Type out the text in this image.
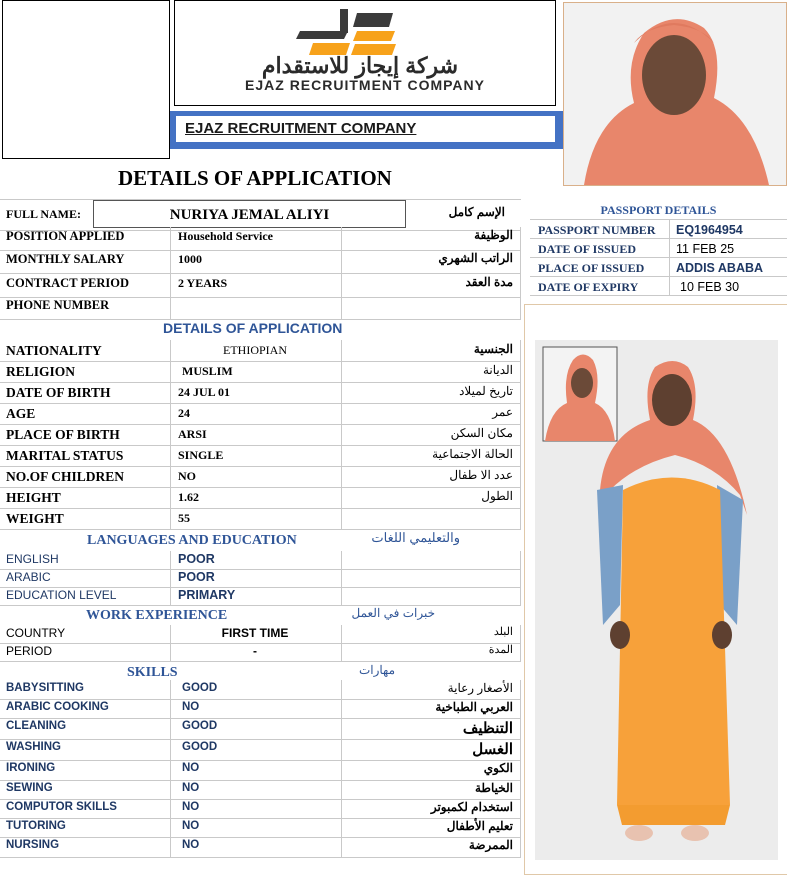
شركة إيجاز للاستقدام
EJAZ RECRUITMENT COMPANY
EJAZ RECRUITMENT COMPANY
DETAILS OF APPLICATION
FULL NAME:	NURIYA JEMAL ALIYI	الإسم كامل
POSITION APPLIED	Household Service	الوظيفة
MONTHLY SALARY	1000	الراتب الشهري
CONTRACT PERIOD	2 YEARS	مدة العقد
PHONE NUMBER
DETAILS OF APPLICATION
NATIONALITY	ETHIOPIAN	الجنسية
RELIGION	MUSLIM	الديانة
DATE OF BIRTH	24 JUL 01	تاريخ لميلاد
AGE	24	عمر
PLACE OF BIRTH	ARSI	مكان السكن
MARITAL STATUS	SINGLE	الحالة الاجتماعية
NO.OF CHILDREN	NO	عدد الا طفال
HEIGHT	1.62	الطول
WEIGHT	55
LANGUAGES AND EDUCATION	والتعليمي اللغات
ENGLISH	POOR
ARABIC	POOR
EDUCATION LEVEL	PRIMARY
WORK EXPERIENCE	خبرات في العمل
COUNTRY	FIRST TIME	البلد
PERIOD	-	المدة
SKILLS	مهارات
BABYSITTING	GOOD	الأصغار رعاية
ARABIC COOKING	NO	العربي الطباخية
CLEANING	GOOD	التنظيف
WASHING	GOOD	الغسل
IRONING	NO	الكوي
SEWING	NO	الخياطة
COMPUTOR SKILLS	NO	استخدام لكمبوتر
TUTORING	NO	تعليم الأطفال
NURSING	NO	الممرضة
PASSPORT DETAILS
PASSPORT NUMBER EQ1964954
DATE OF ISSUED	11 FEB 25
PLACE OF ISSUED	ADDIS ABABA
DATE OF EXPIRY	10 FEB 30
